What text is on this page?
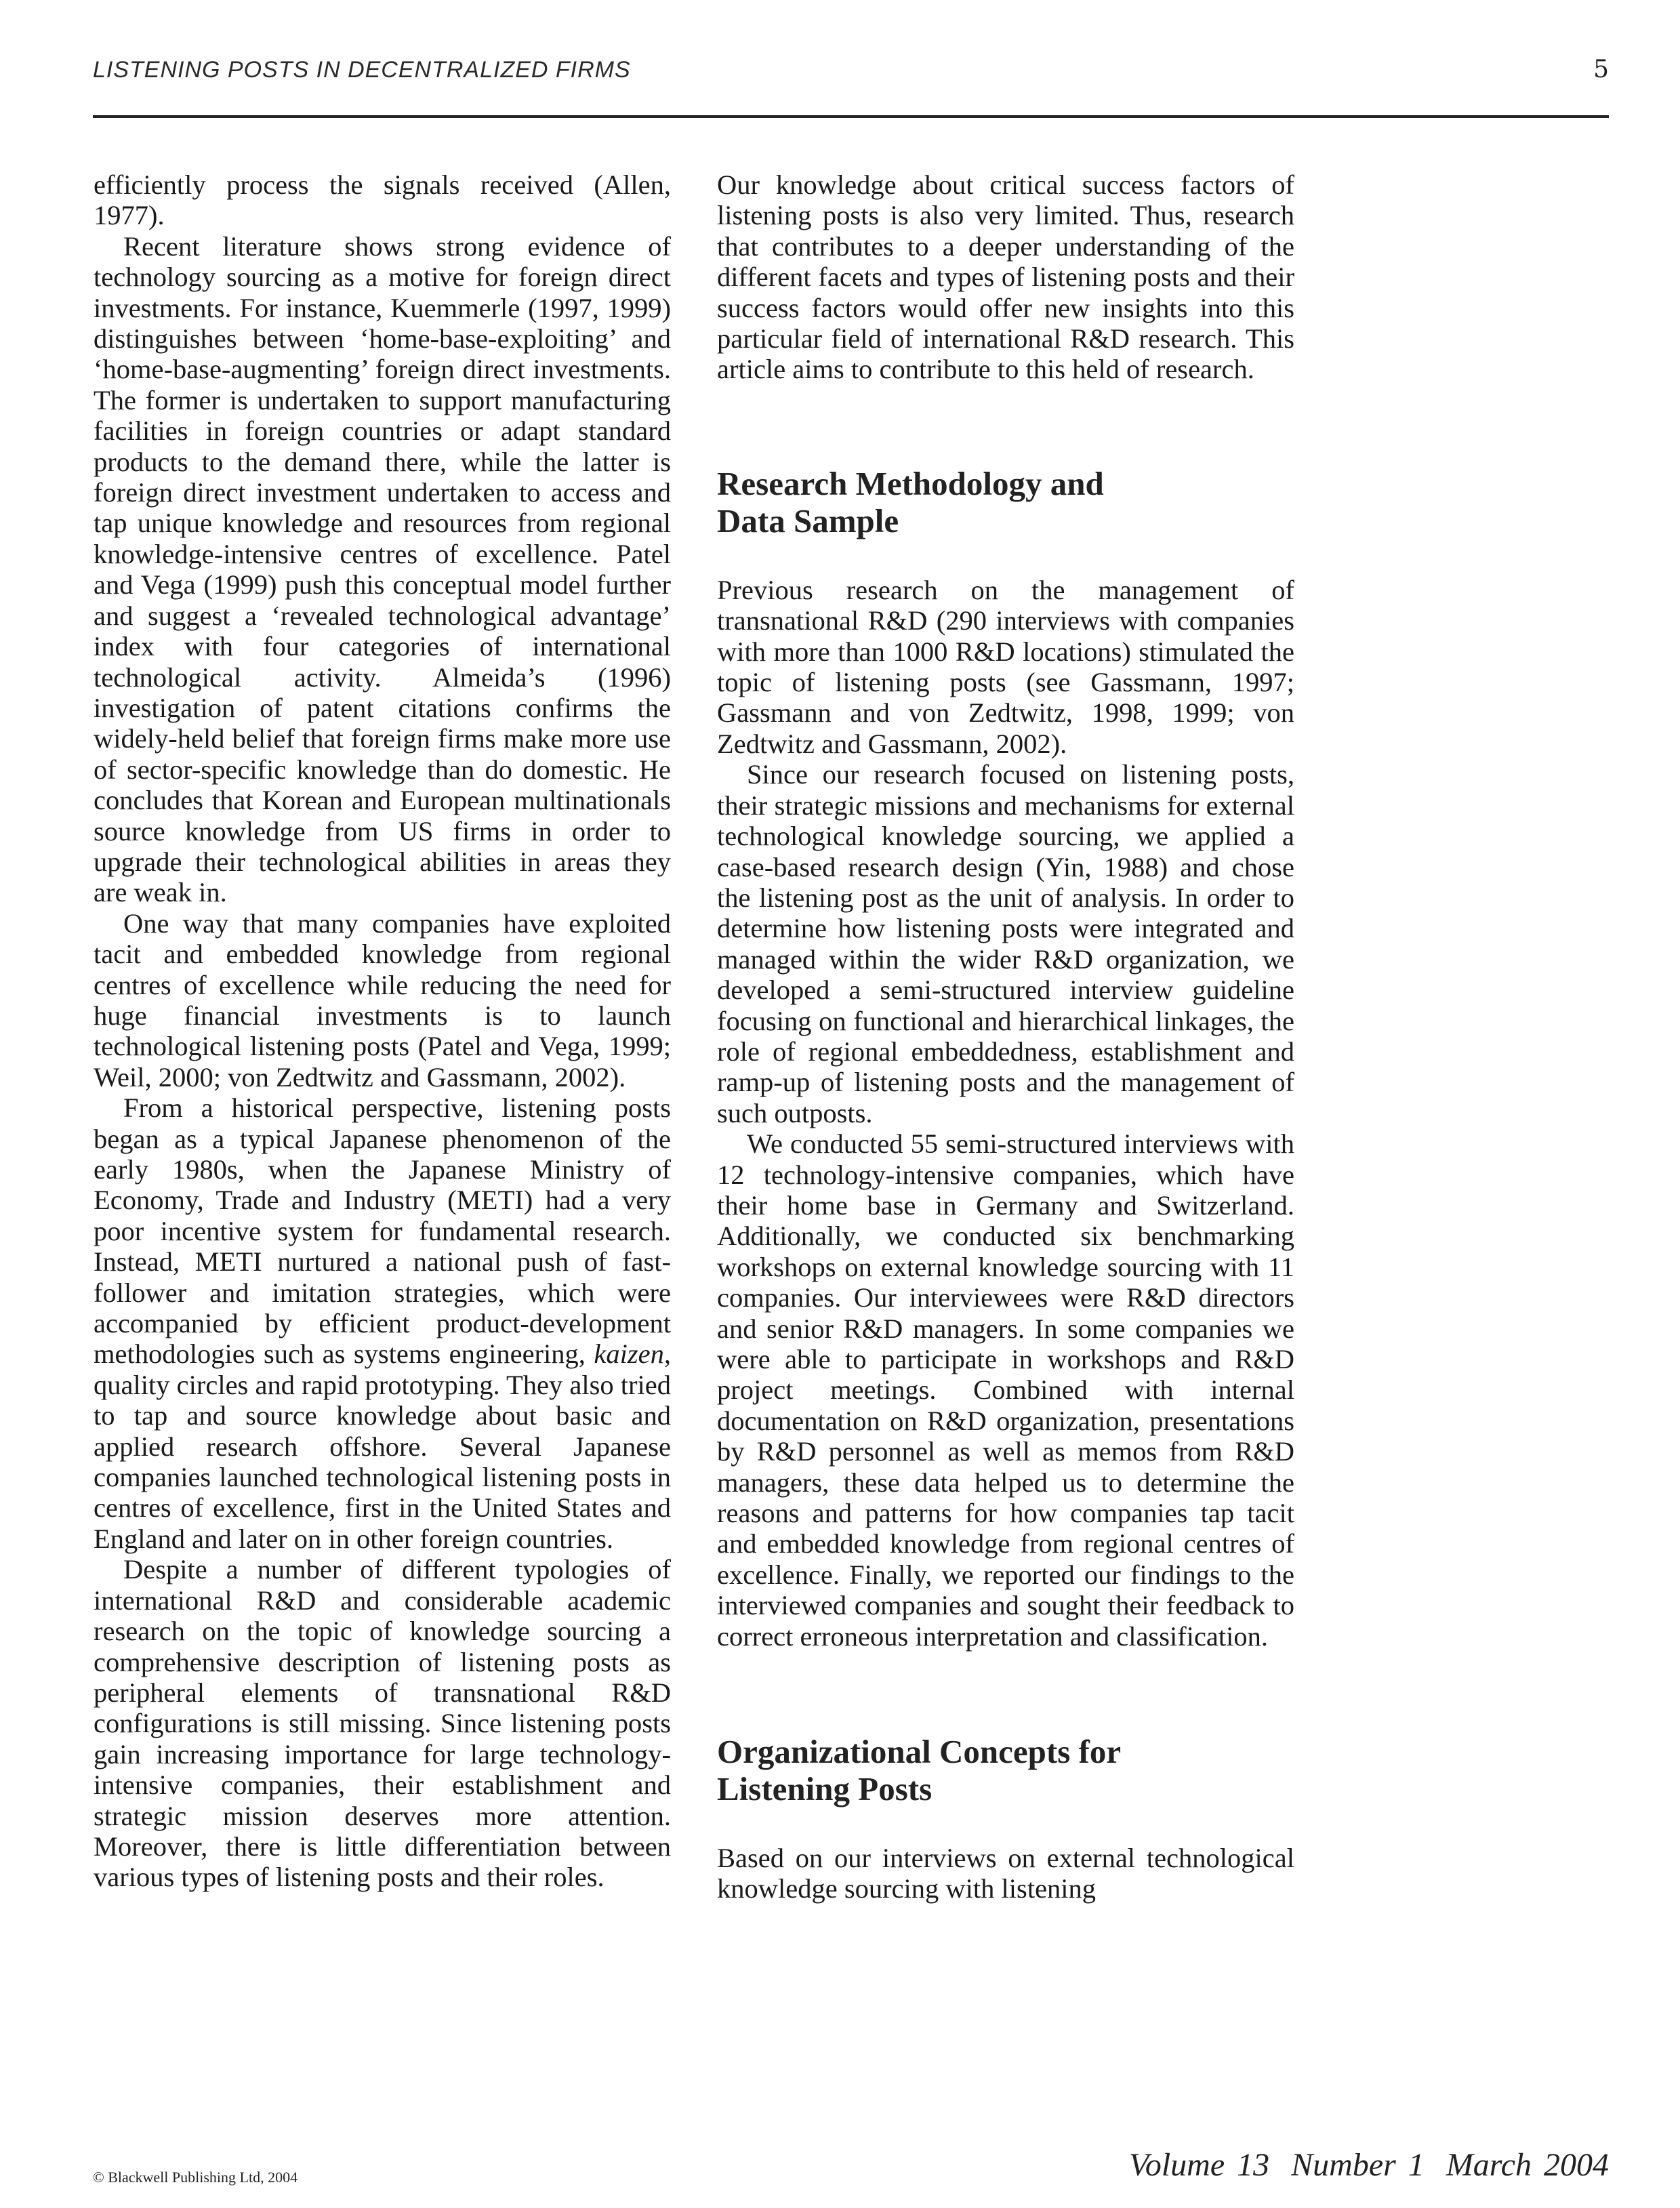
LISTENING POSTS IN DECENTRALIZED FIRMS	5

efficiently process the signals received (Allen, 1977).

Recent literature shows strong evidence of technology sourcing as a motive for foreign direct investments. For instance, Kuemmerle (1997, 1999) distinguishes between ‘home-base-exploiting’ and ‘home-base-augmenting’ foreign direct investments. The former is undertaken to support manufacturing facilities in foreign countries or adapt standard products to the demand there, while the latter is foreign direct investment undertaken to access and tap unique knowledge and resources from regional knowledge-intensive centres of excellence. Patel and Vega (1999) push this conceptual model further and suggest a ‘revealed technological advantage’ index with four categories of international technological activity. Almeida’s (1996) investigation of patent citations confirms the widely-held belief that foreign firms make more use of sector-specific knowledge than do domestic. He concludes that Korean and European multinationals source knowledge from US firms in order to upgrade their technological abilities in areas they are weak in.

One way that many companies have exploited tacit and embedded knowledge from regional centres of excellence while reducing the need for huge financial investments is to launch technological listening posts (Patel and Vega, 1999; Weil, 2000; von Zedtwitz and Gassmann, 2002).

From a historical perspective, listening posts began as a typical Japanese phenomenon of the early 1980s, when the Japanese Ministry of Economy, Trade and Industry (METI) had a very poor incentive system for fundamental research. Instead, METI nurtured a national push of fast-follower and imitation strategies, which were accompanied by efficient product-development methodologies such as systems engineering, kaizen, quality circles and rapid prototyping. They also tried to tap and source knowledge about basic and applied research offshore. Several Japanese companies launched technological listening posts in centres of excellence, first in the United States and England and later on in other foreign countries.

Despite a number of different typologies of international R&D and considerable academic research on the topic of knowledge sourcing a comprehensive description of listening posts as peripheral elements of transnational R&D configurations is still missing. Since listening posts gain increasing importance for large technology-intensive companies, their establishment and strategic mission deserves more attention. Moreover, there is little differentiation between various types of listening posts and their roles.

Our knowledge about critical success factors of listening posts is also very limited. Thus, research that contributes to a deeper understanding of the different facets and types of listening posts and their success factors would offer new insights into this particular field of international R&D research. This article aims to contribute to this held of research.

Research Methodology and
Data Sample

Previous research on the management of transnational R&D (290 interviews with companies with more than 1000 R&D locations) stimulated the topic of listening posts (see Gassmann, 1997; Gassmann and von Zedtwitz, 1998, 1999; von Zedtwitz and Gassmann, 2002).

Since our research focused on listening posts, their strategic missions and mechanisms for external technological knowledge sourcing, we applied a case-based research design (Yin, 1988) and chose the listening post as the unit of analysis. In order to determine how listening posts were integrated and managed within the wider R&D organization, we developed a semi-structured interview guideline focusing on functional and hierarchical linkages, the role of regional embeddedness, establishment and ramp-up of listening posts and the management of such outposts.

We conducted 55 semi-structured interviews with 12 technology-intensive companies, which have their home base in Germany and Switzerland. Additionally, we conducted six benchmarking workshops on external knowledge sourcing with 11 companies. Our interviewees were R&D directors and senior R&D managers. In some companies we were able to participate in workshops and R&D project meetings. Combined with internal documentation on R&D organization, presentations by R&D personnel as well as memos from R&D managers, these data helped us to determine the reasons and patterns for how companies tap tacit and embedded knowledge from regional centres of excellence. Finally, we reported our findings to the interviewed companies and sought their feedback to correct erroneous interpretation and classification.

Organizational Concepts for
Listening Posts

Based on our interviews on external technological knowledge sourcing with listening

© Blackwell Publishing Ltd, 2004	Volume 13 Number 1 March 2004
